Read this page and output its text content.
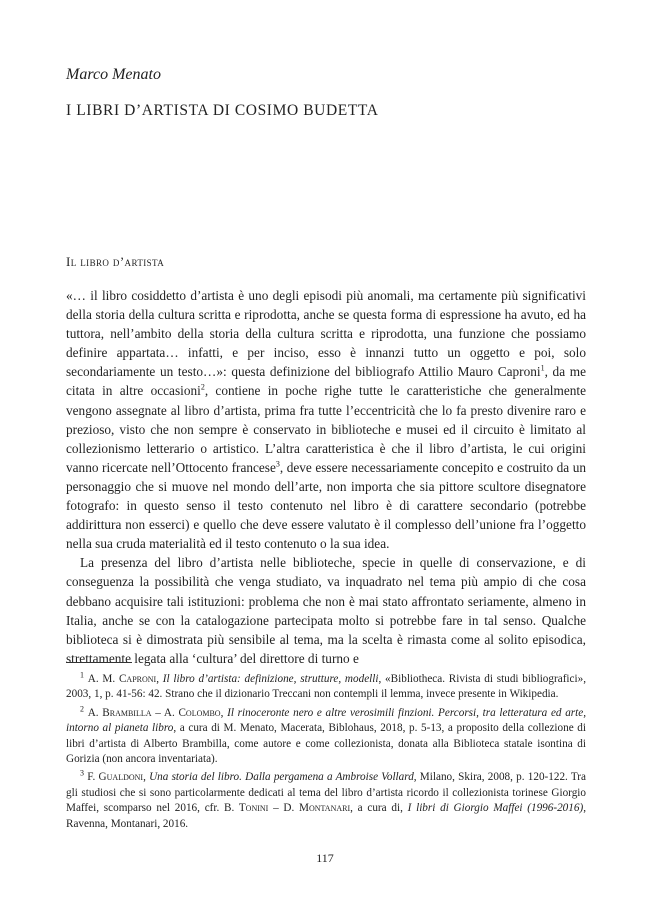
Marco Menato
I LIBRI D’ARTISTA DI COSIMO BUDETTA
Il libro d’artista

«… il libro cosiddetto d’artista è uno degli episodi più anomali, ma certamente più significativi della storia della cultura scritta e riprodotta, anche se questa forma di espressione ha avuto, ed ha tuttora, nell’ambito della storia della cultura scritta e riprodotta, una funzione che possiamo definire appartata… infatti, e per inciso, esso è innanzi tutto un oggetto e poi, solo secondariamente un testo…»: questa definizione del bibliografo Attilio Mauro Caproni$^1$, da me citata in altre occasioni$^2$, contiene in poche righe tutte le caratteristiche che generalmente vengono assegnate al libro d’artista, prima fra tutte l’eccentricità che lo fa presto divenire raro e prezioso, visto che non sempre è conservato in biblioteche e musei ed il circuito è limitato al collezionismo letterario o artistico. L’altra caratteristica è che il libro d’artista, le cui origini vanno ricercate nell’Ottocento francese$^3$, deve essere necessariamente concepito e costruito da un personaggio che si muove nel mondo dell’arte, non importa che sia pittore scultore disegnatore fotografo: in questo senso il testo contenuto nel libro è di carattere secondario (potrebbe addirittura non esserci) e quello che deve essere valutato è il complesso dell’unione fra l’oggetto nella sua cruda materialità ed il testo contenuto o la sua idea.

La presenza del libro d’artista nelle biblioteche, specie in quelle di conservazione, e di conseguenza la possibilità che venga studiato, va inquadrato nel tema più ampio di che cosa debbano acquisire tali istituzioni: problema che non è mai stato affrontato seriamente, almeno in Italia, anche se con la catalogazione partecipata molto si potrebbe fare in tal senso. Qualche biblioteca si è dimostrata più sensibile al tema, ma la scelta è rimasta come al solito episodica, strettamente legata alla ‘cultura’ del direttore di turno e

$^1$ A. M. Caproni, Il libro d’artista: definizione, strutture, modelli, «Bibliotheca. Rivista di studi bibliografici», 2003, 1, p. 41-56: 42. Strano che il dizionario Treccani non contempli il lemma, invece presente in Wikipedia.

$^2$ A. Brambilla – A. Colombo, Il rinoceronte nero e altre verosimili finzioni. Percorsi, tra letteratura ed arte, intorno al pianeta libro, a cura di M. Menato, Macerata, Biblohaus, 2018, p. 5-13, a proposito della collezione di libri d’artista di Alberto Brambilla, come autore e come collezionista, donata alla Biblioteca statale isontina di Gorizia (non ancora inventariata).

$^3$ F. Gualdoni, Una storia del libro. Dalla pergamena a Ambroise Vollard, Milano, Skira, 2008, p. 120-122. Tra gli studiosi che si sono particolarmente dedicati al tema del libro d’artista ricordo il collezionista torinese Giorgio Maffei, scomparso nel 2016, cfr. B. Tonini – D. Montanari, a cura di, I libri di Giorgio Maffei (1996-2016), Ravenna, Montanari, 2016.

117
